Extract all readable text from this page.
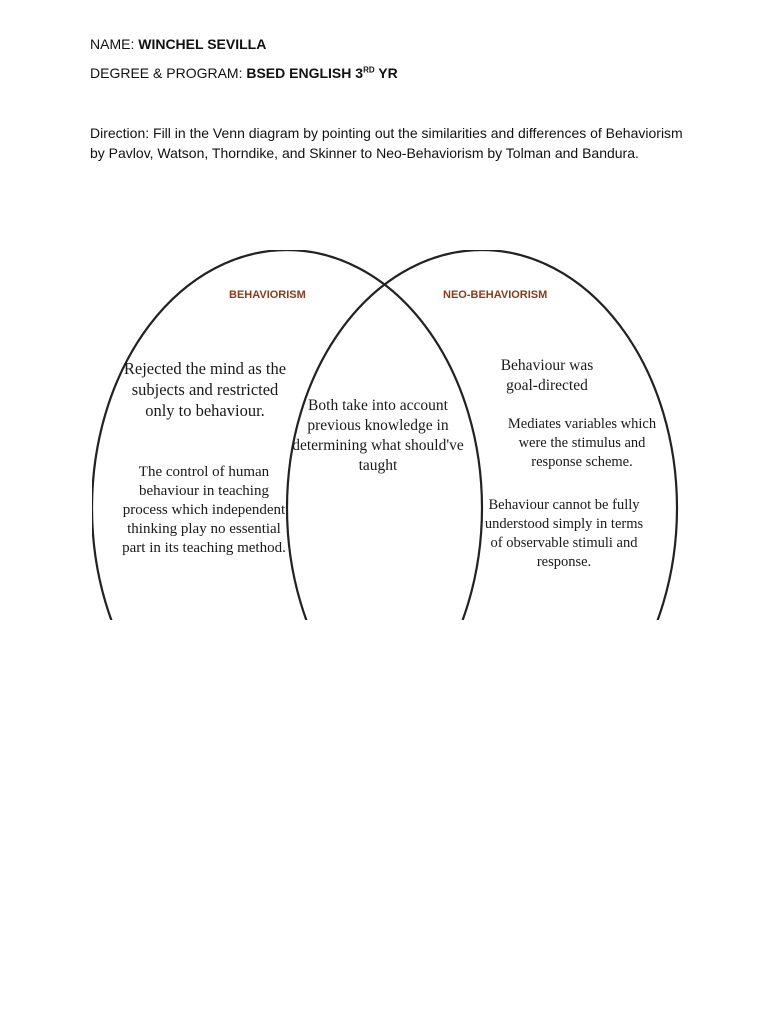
NAME: WINCHEL SEVILLA
DEGREE & PROGRAM: BSED ENGLISH 3RD YR
Direction: Fill in the Venn diagram by pointing out the similarities and differences of Behaviorism by Pavlov, Watson, Thorndike, and Skinner to Neo-Behaviorism by Tolman and Bandura.
BEHAVIORISM	NEO-BEHAVIORISM
Rejected the mind as the subjects and restricted only to behaviour.
The control of human behaviour in teaching process which independent thinking play no essential part in its teaching method.
Both take into account previous knowledge in determining what should've taught
Behaviour was goal-directed
Mediates variables which were the stimulus and response scheme.
Behaviour cannot be fully understood simply in terms of observable stimuli and response.
